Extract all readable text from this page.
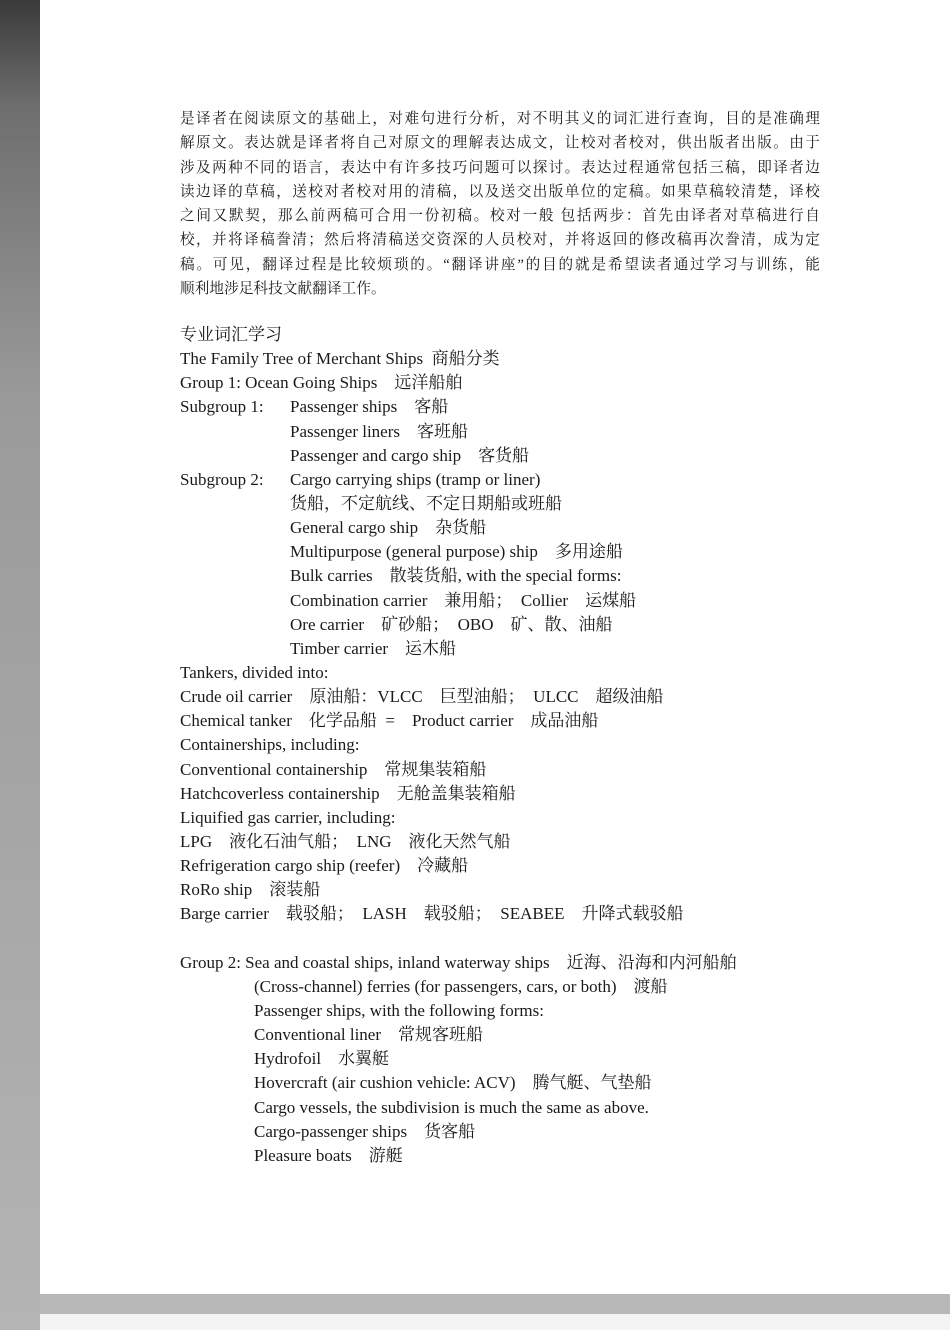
是译者在阅读原文的基础上，对难句进行分析，对不明其义的词汇进行查询，目的是准确理
解原文。表达就是译者将自己对原文的理解表达成文，让校对者校对，供出版者出版。由于
涉及两种不同的语言，表达中有许多技巧问题可以探讨。表达过程通常包括三稿，即译者边
读边译的草稿，送校对者校对用的清稿，以及送交出版单位的定稿。如果草稿较清楚，译校
之间又默契，那么前两稿可合用一份初稿。校对一般 包括两步：首先由译者对草稿进行自
校，并将译稿誊清；然后将清稿送交资深的人员校对，并将返回的修改稿再次誊清，成为定
稿。可见，翻译过程是比较烦琐的。“翻译讲座”的目的就是希望读者通过学习与训练，能
顺利地涉足科技文献翻译工作。
专业词汇学习
The Family Tree of Merchant Ships  商船分类
Group 1: Ocean Going Ships    远洋船舶
Subgroup 1: Passenger ships    客船
Passenger liners    客班船
Passenger and cargo ship    客货船
Subgroup 2: Cargo carrying ships (tramp or liner)
货船，不定航线、不定日期船或班船
General cargo ship    杂货船
Multipurpose (general purpose) ship    多用途船
Bulk carries    散装货船, with the special forms:
Combination carrier    兼用船；  Collier    运煤船
Ore carrier    矿砂船；  OBO    矿、散、油船
Timber carrier    运木船
Tankers, divided into:
Crude oil carrier    原油船：VLCC    巨型油船；  ULCC    超级油船
Chemical tanker    化学品船  =    Product carrier    成品油船
Containerships, including:
Conventional containership    常规集装箱船
Hatchcoverless containership    无舱盖集装箱船
Liquified gas carrier, including:
LPG    液化石油气船；  LNG    液化天然气船
Refrigeration cargo ship (reefer)    冷藏船
RoRo ship    滚装船
Barge carrier    载驳船；  LASH    载驳船；  SEABEE    升降式载驳船
Group 2: Sea and coastal ships, inland waterway ships    近海、沿海和内河船舶
(Cross-channel) ferries (for passengers, cars, or both)    渡船
Passenger ships, with the following forms:
Conventional liner    常规客班船
Hydrofoil    水翼艇
Hovercraft (air cushion vehicle: ACV)    腾气艇、气垫船
Cargo vessels, the subdivision is much the same as above.
Cargo-passenger ships    货客船
Pleasure boats    游艇
